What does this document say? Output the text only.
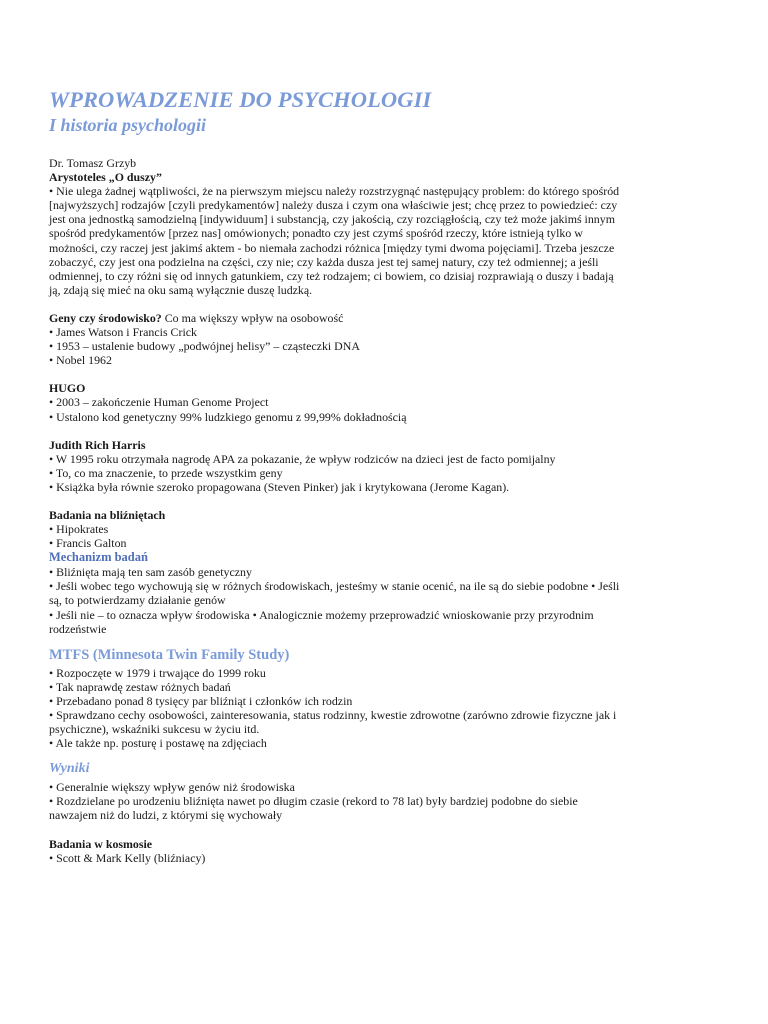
WPROWADZENIE DO PSYCHOLOGII
I historia psychologii

Dr. Tomasz Grzyb

Arystoteles „O duszy”

• Nie ulega żadnej wątpliwości, że na pierwszym miejscu należy rozstrzygnąć następujący problem: do którego spośród

[najwyższych] rodzajów [czyli predykamentów] należy dusza i czym ona właściwie jest; chcę przez to powiedzieć: czy

jest ona jednostką samodzielną [indywiduum] i substancją, czy jakością, czy rozciągłością, czy też może jakimś innym

spośród predykamentów [przez nas] omówionych; ponadto czy jest czymś spośród rzeczy, które istnieją tylko w

możności, czy raczej jest jakimś aktem - bo niemała zachodzi różnica [między tymi dwoma pojęciami]. Trzeba jeszcze

zobaczyć, czy jest ona podzielna na części, czy nie; czy każda dusza jest tej samej natury, czy też odmiennej; a jeśli

odmiennej, to czy różni się od innych gatunkiem, czy też rodzajem; ci bowiem, co dzisiaj rozprawiają o duszy i badają

ją, zdają się mieć na oku samą wyłącznie duszę ludzką.

Geny czy środowisko? Co ma większy wpływ na osobowość

• James Watson i Francis Crick

• 1953 – ustalenie budowy „podwójnej helisy” – cząsteczki DNA

• Nobel 1962

HUGO

• 2003 – zakończenie Human Genome Project

• Ustalono kod genetyczny 99% ludzkiego genomu z 99,99% dokładnością

Judith Rich Harris

• W 1995 roku otrzymała nagrodę APA za pokazanie, że wpływ rodziców na dzieci jest de facto pomijalny

• To, co ma znaczenie, to przede wszystkim geny

• Książka była równie szeroko propagowana (Steven Pinker) jak i krytykowana (Jerome Kagan).

Badania na bliźniętach

• Hipokrates

• Francis Galton

Mechanizm badań

• Bliźnięta mają ten sam zasób genetyczny

• Jeśli wobec tego wychowują się w różnych środowiskach, jesteśmy w stanie ocenić, na ile są do siebie podobne • Jeśli

są, to potwierdzamy działanie genów

• Jeśli nie – to oznacza wpływ środowiska • Analogicznie możemy przeprowadzić wnioskowanie przy przyrodnim

rodzeństwie

MTFS (Minnesota Twin Family Study)

• Rozpoczęte w 1979 i trwające do 1999 roku

• Tak naprawdę zestaw różnych badań

• Przebadano ponad 8 tysięcy par bliźniąt i członków ich rodzin

• Sprawdzano cechy osobowości, zainteresowania, status rodzinny, kwestie zdrowotne (zarówno zdrowie fizyczne jak i

psychiczne), wskaźniki sukcesu w życiu itd.

• Ale także np. posturę i postawę na zdjęciach

Wyniki

• Generalnie większy wpływ genów niż środowiska

• Rozdzielane po urodzeniu bliźnięta nawet po długim czasie (rekord to 78 lat) były bardziej podobne do siebie

nawzajem niż do ludzi, z którymi się wychowały

Badania w kosmosie

• Scott & Mark Kelly (bliźniacy)
